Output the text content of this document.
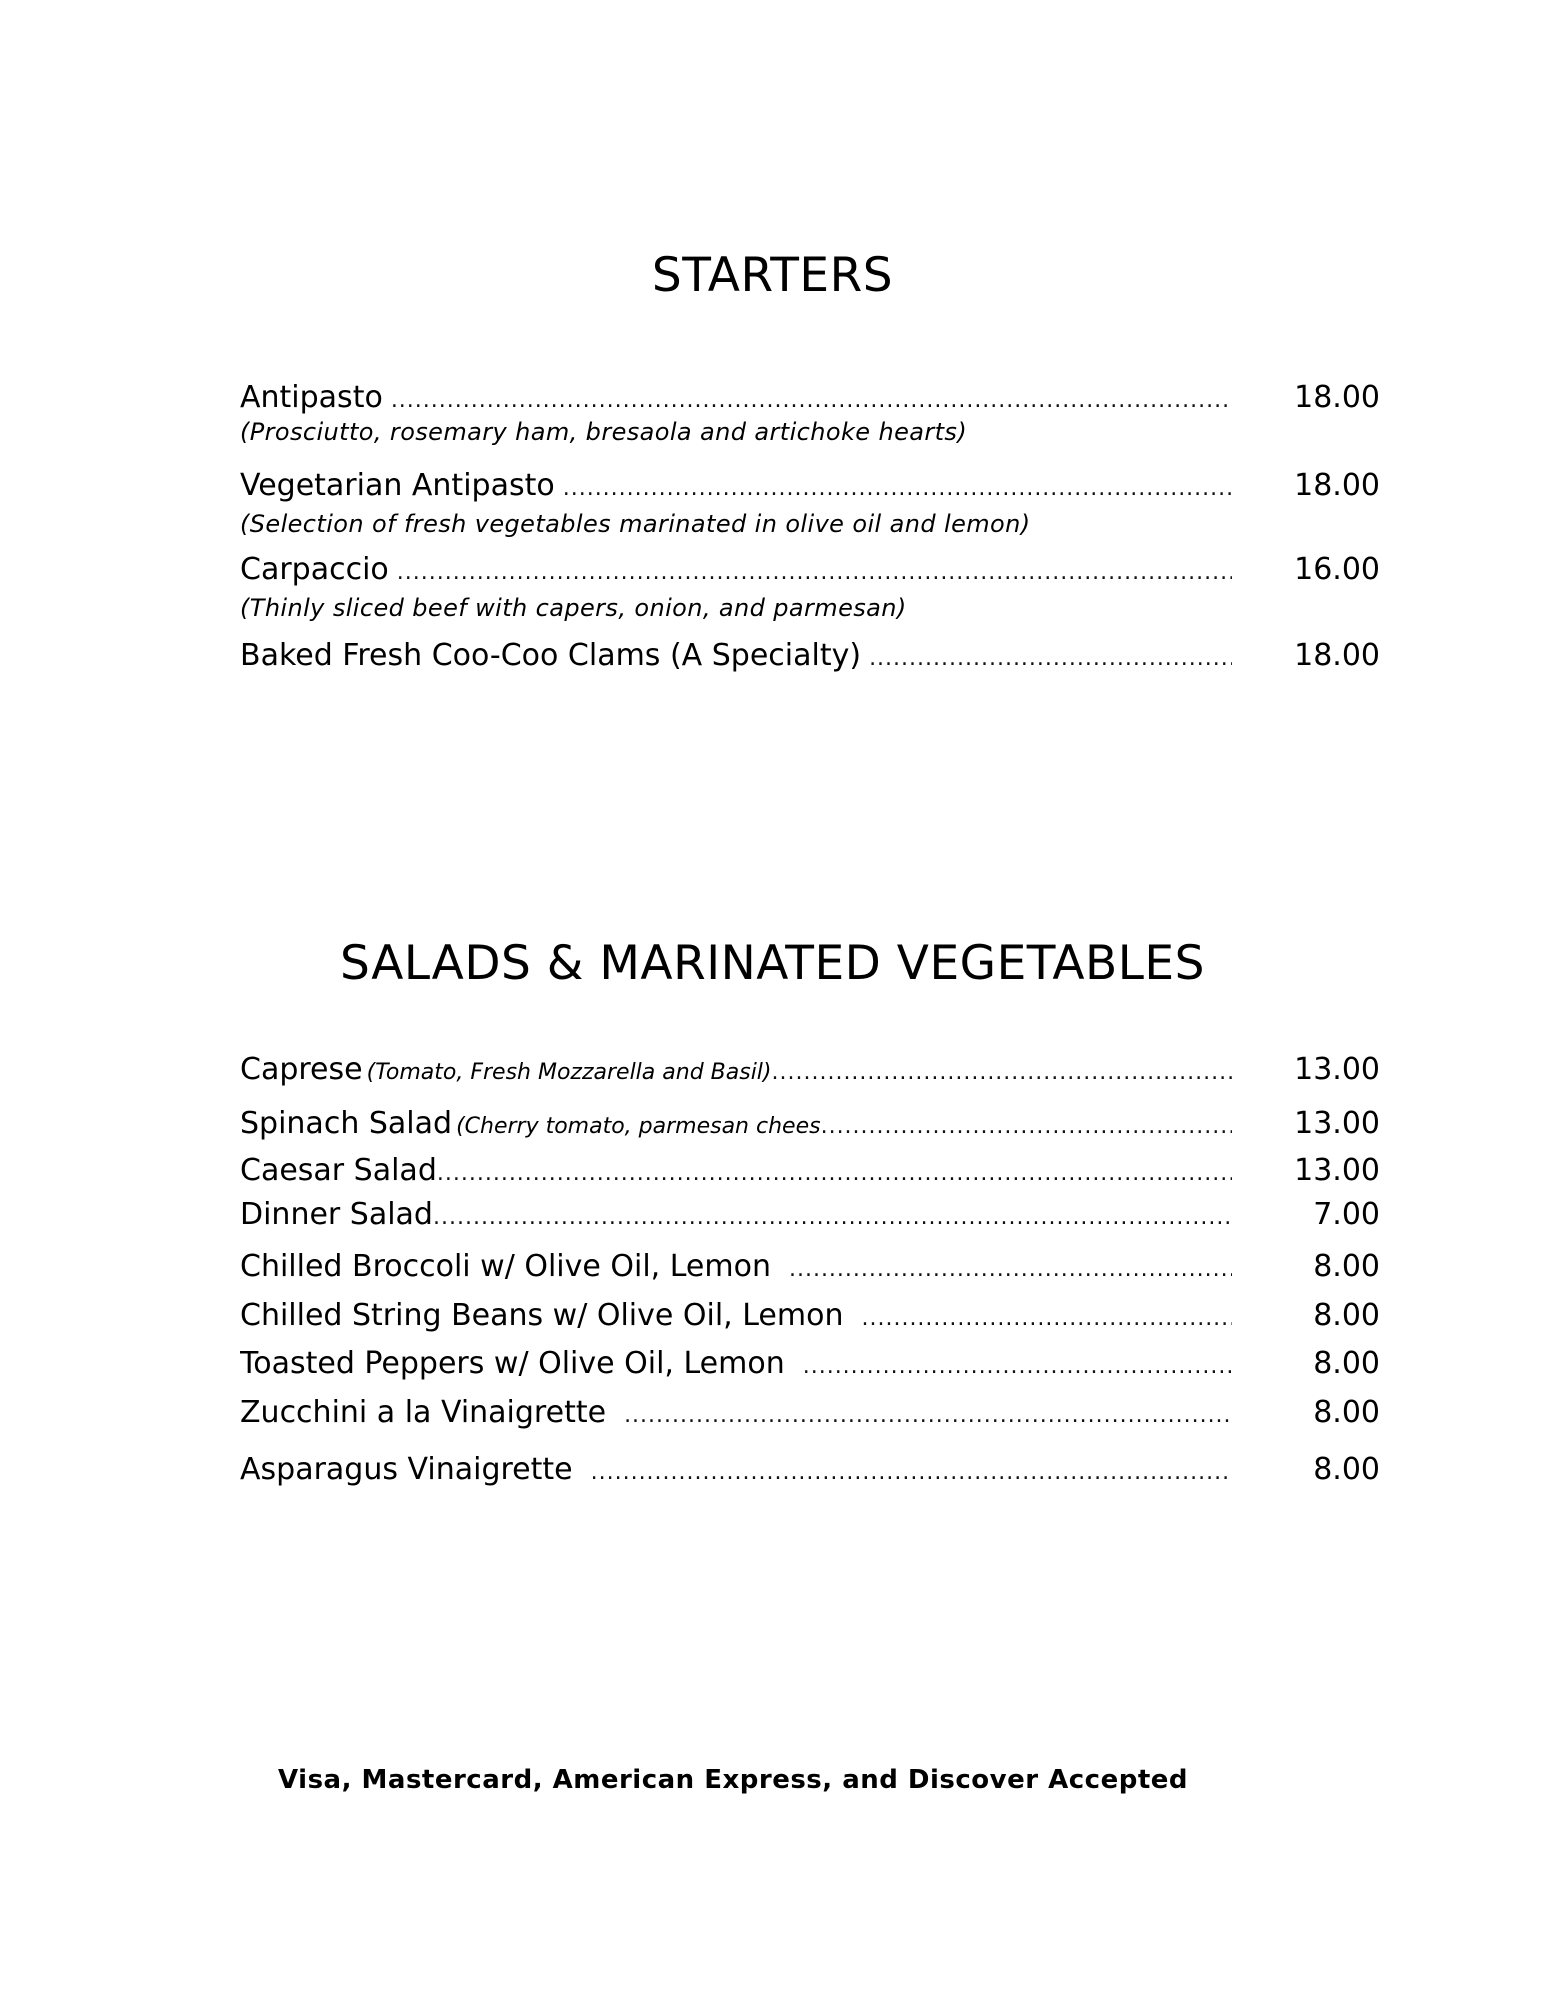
STARTERS
Antipasto .....	18.00
(Prosciutto, rosemary ham, bresaola and artichoke hearts)
Vegetarian Antipasto .....	18.00
(Selection of fresh vegetables marinated in olive oil and lemon)
Carpaccio .....	16.00
(Thinly sliced beef with capers, onion, and parmesan)
Baked Fresh Coo-Coo Clams (A Specialty) .....	18.00
SALADS & MARINATED VEGETABLES
Caprese (Tomato, Fresh Mozzarella and Basil) .....	13.00
Spinach Salad (Cherry tomato, parmesan chees .....	13.00
Caesar Salad .....	13.00
Dinner Salad .....	7.00
Chilled Broccoli w/ Olive Oil, Lemon .....	8.00
Chilled String Beans w/ Olive Oil, Lemon .....	8.00
Toasted Peppers w/ Olive Oil, Lemon .....	8.00
Zucchini a la Vinaigrette .....	8.00
Asparagus Vinaigrette .....	8.00
Visa, Mastercard, American Express, and Discover Accepted
